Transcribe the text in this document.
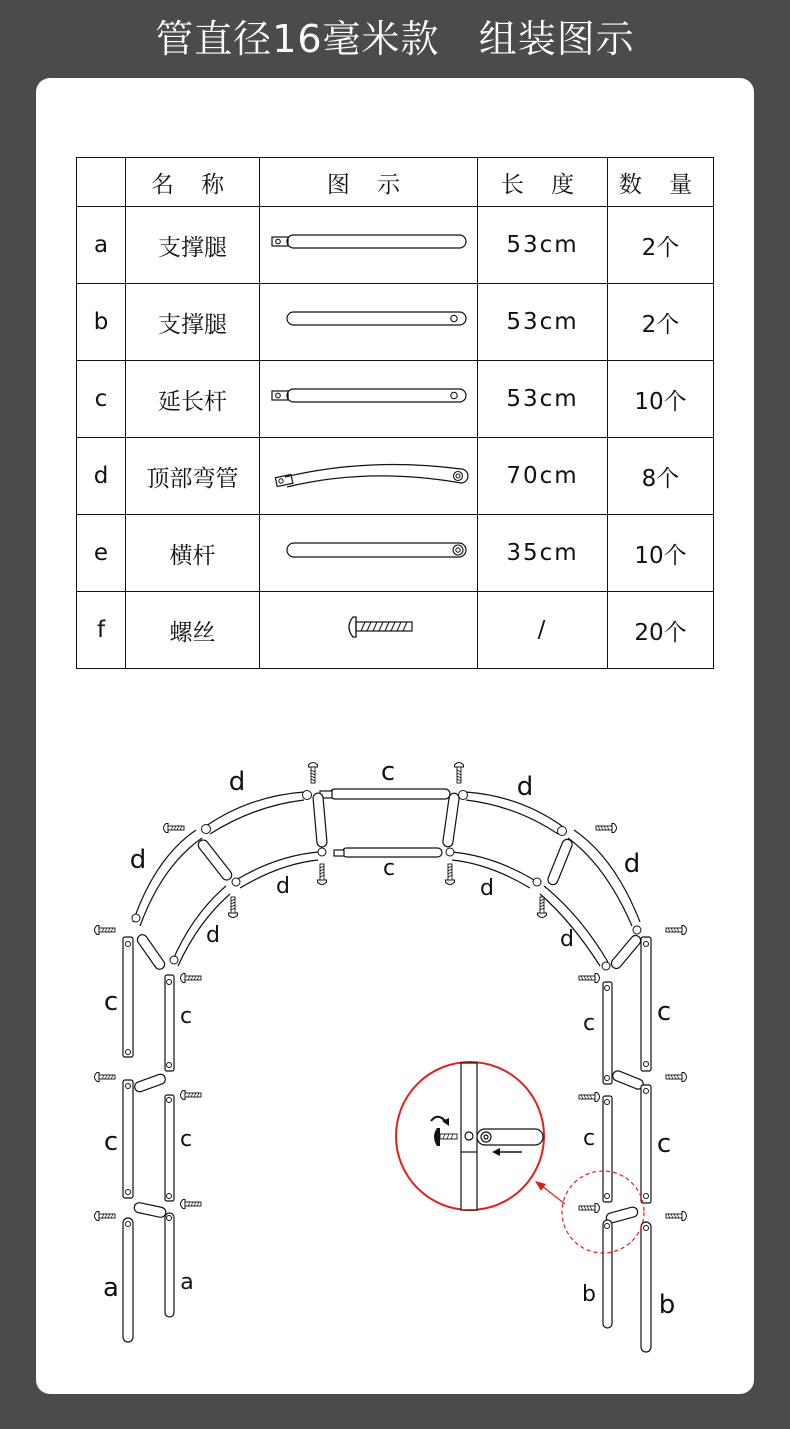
管直径16毫米款   组装图示
	名 称	图 示	长 度	数 量
a	支撑腿		53cm	2个
b	支撑腿		53cm	2个
c	延长杆		53cm	10个
d	顶部弯管		70cm	8个
e	横杆		35cm	10个
f	螺丝		/	20个
d	c	d
d	d
c
d	d
d	d
c	c	c
c
c	c	c
c
a	a	b b
